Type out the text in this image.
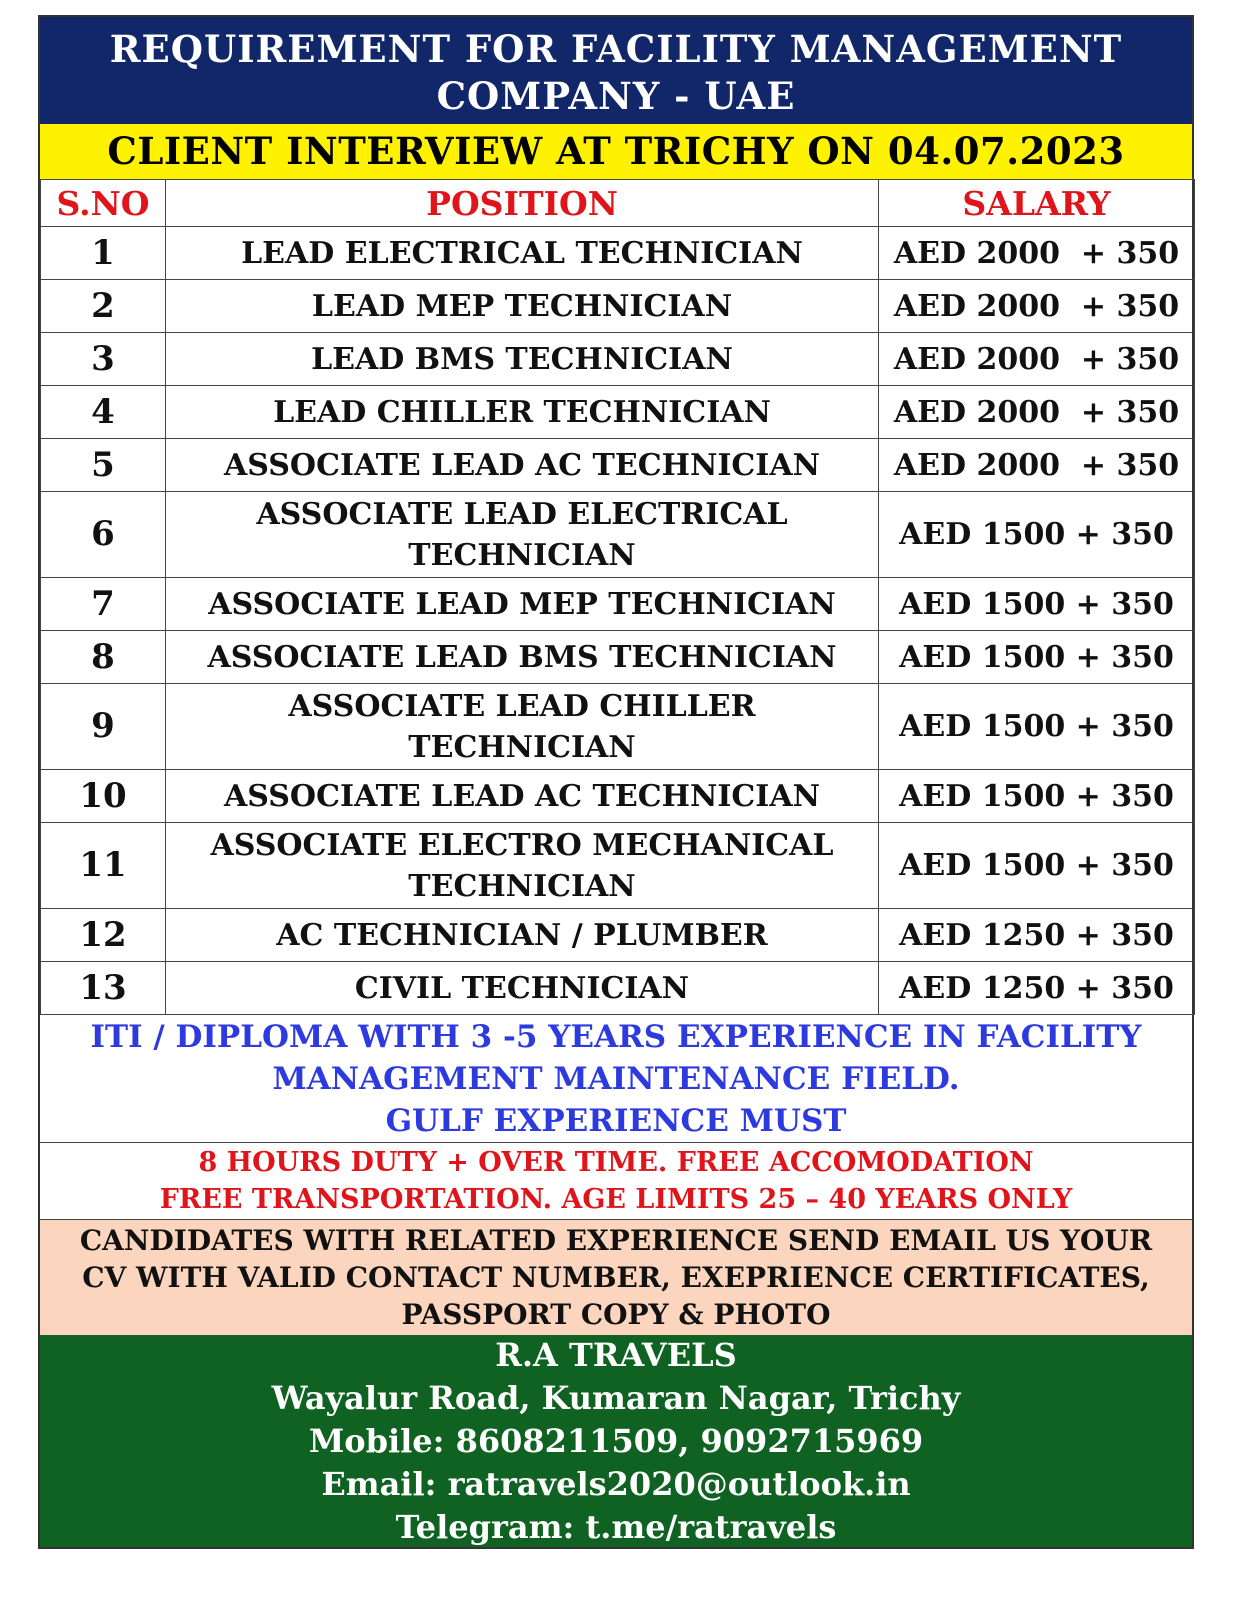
REQUIREMENT FOR FACILITY MANAGEMENT
COMPANY - UAE
CLIENT INTERVIEW AT TRICHY ON 04.07.2023
S.NO	POSITION	SALARY
1	LEAD ELECTRICAL TECHNICIAN	AED 2000  + 350
2	LEAD MEP TECHNICIAN	AED 2000  + 350
3	LEAD BMS TECHNICIAN	AED 2000  + 350
4	LEAD CHILLER TECHNICIAN	AED 2000  + 350
5	ASSOCIATE LEAD AC TECHNICIAN	AED 2000  + 350
6	ASSOCIATE LEAD ELECTRICAL
TECHNICIAN	AED 1500 + 350
7	ASSOCIATE LEAD MEP TECHNICIAN	AED 1500 + 350
8	ASSOCIATE LEAD BMS TECHNICIAN	AED 1500 + 350
9	ASSOCIATE LEAD CHILLER
TECHNICIAN	AED 1500 + 350
10	ASSOCIATE LEAD AC TECHNICIAN	AED 1500 + 350
11	ASSOCIATE ELECTRO MECHANICAL
TECHNICIAN	AED 1500 + 350
12	AC TECHNICIAN / PLUMBER	AED 1250 + 350
13	CIVIL TECHNICIAN	AED 1250 + 350
ITI / DIPLOMA WITH 3 -5 YEARS EXPERIENCE IN FACILITY
MANAGEMENT MAINTENANCE FIELD.
GULF EXPERIENCE MUST
8 HOURS DUTY + OVER TIME. FREE ACCOMODATION
FREE TRANSPORTATION. AGE LIMITS 25 – 40 YEARS ONLY
CANDIDATES WITH RELATED EXPERIENCE SEND EMAIL US YOUR
CV WITH VALID CONTACT NUMBER, EXEPRIENCE CERTIFICATES,
PASSPORT COPY & PHOTO
R.A TRAVELS
Wayalur Road, Kumaran Nagar, Trichy
Mobile: 8608211509, 9092715969
Email: ratravels2020@outlook.in
Telegram: t.me/ratravels
